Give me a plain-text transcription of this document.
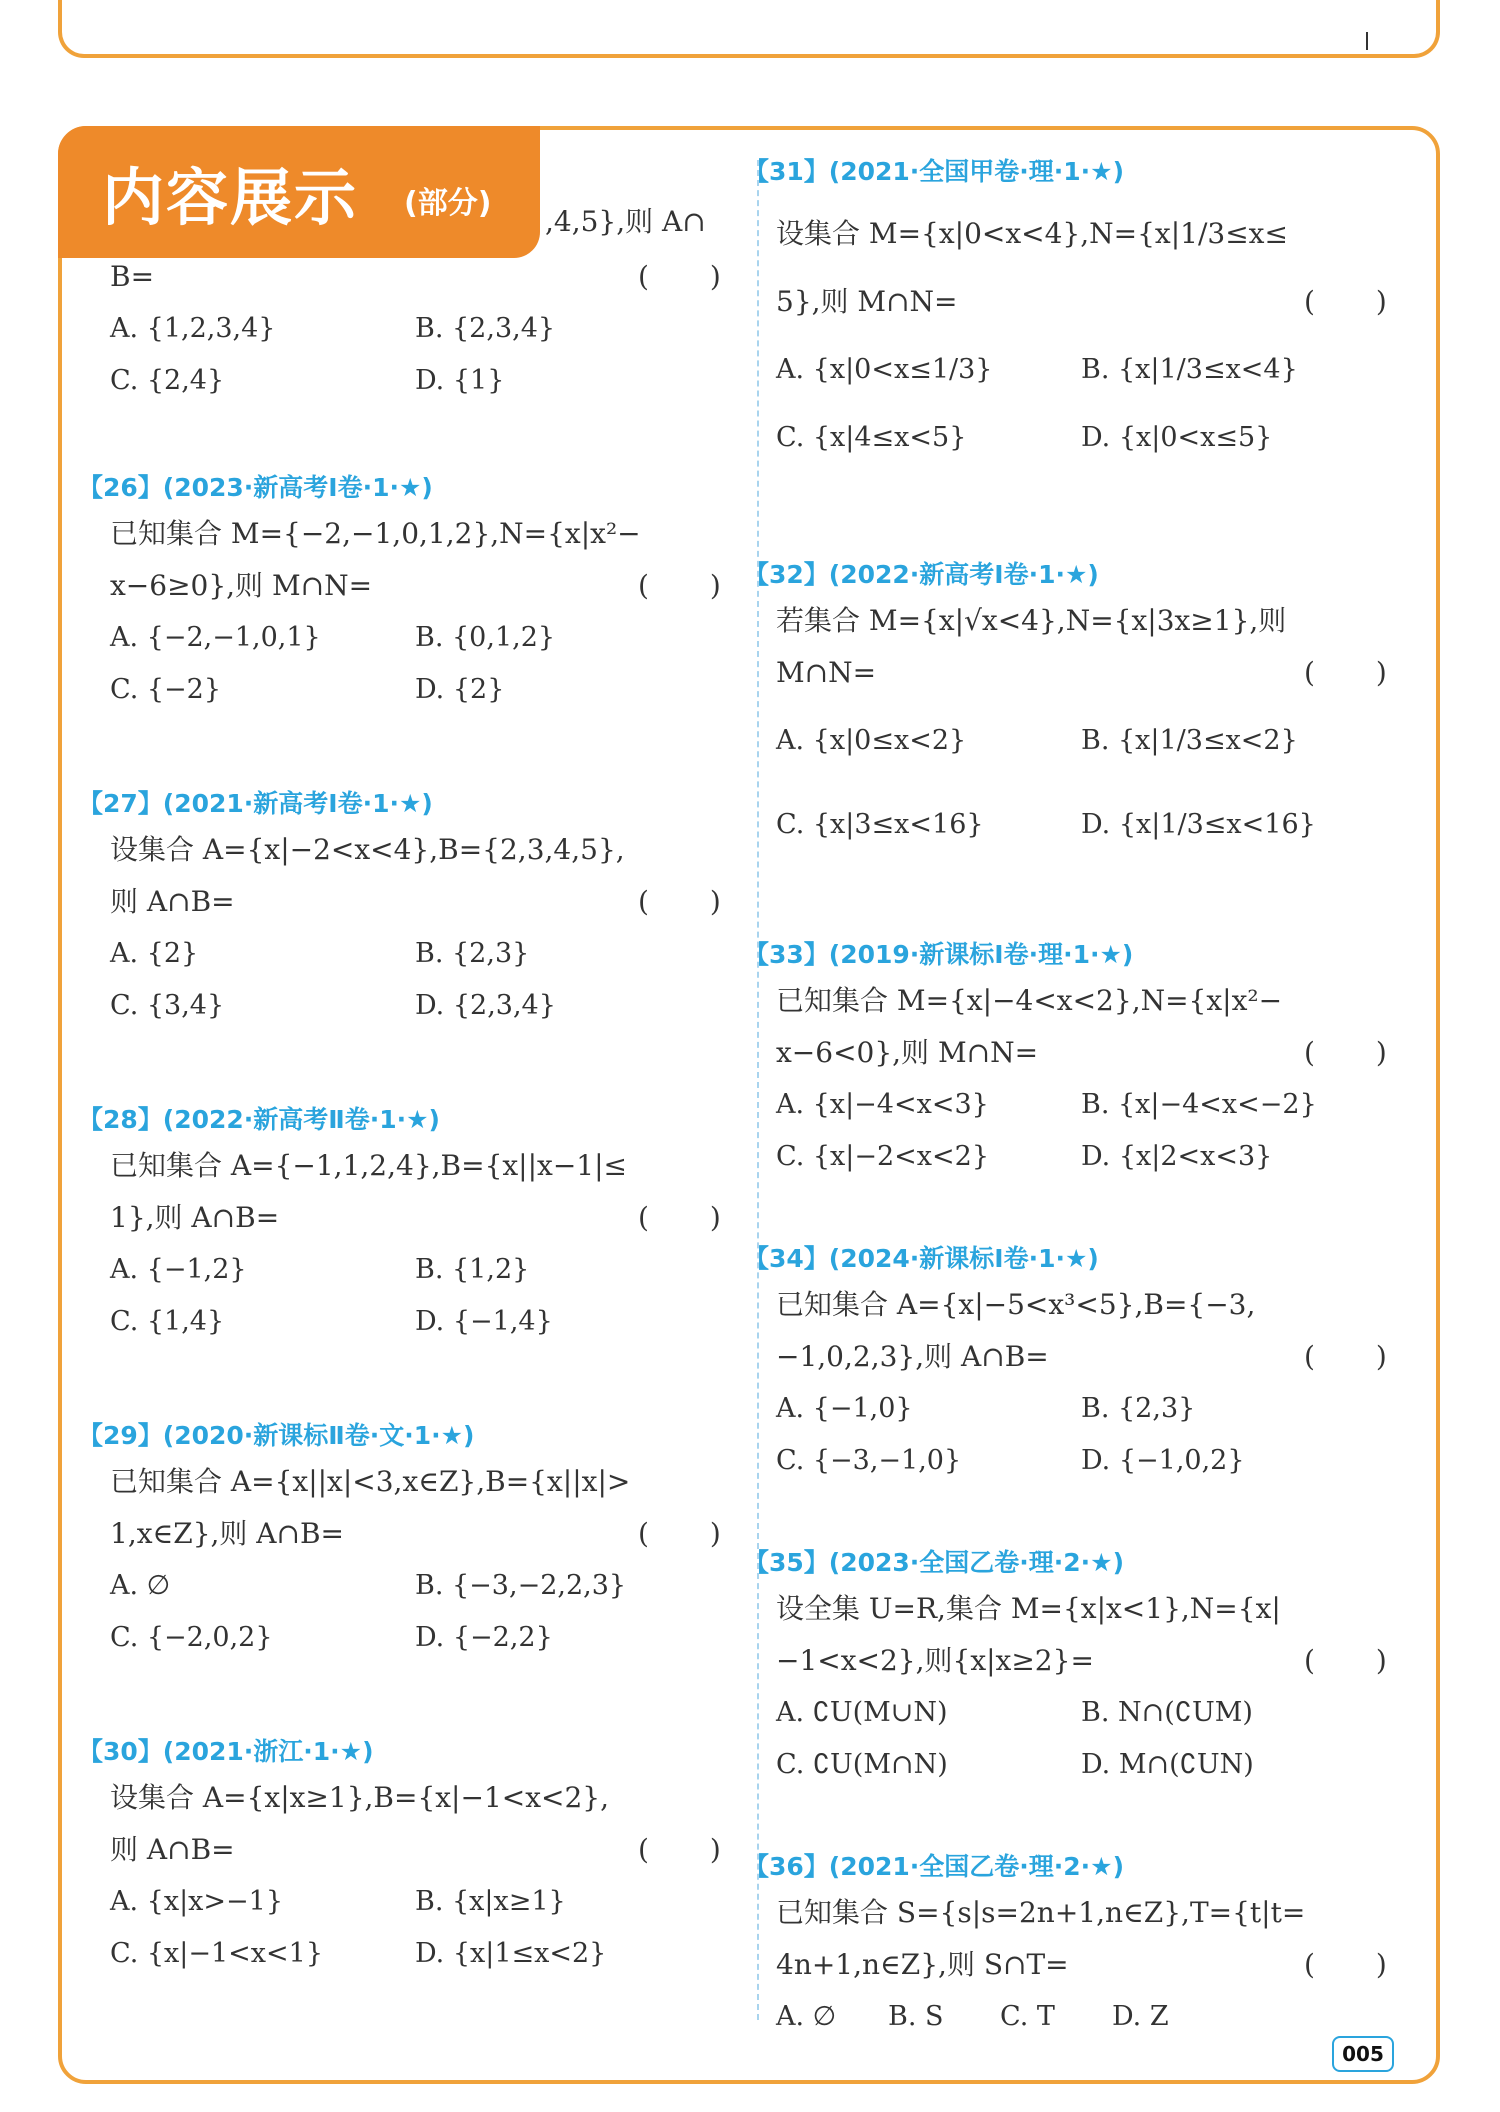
内容展示 (部分)
,4,5},则 A∩
B=	( )
A. {1,2,3,4}	B. {2,3,4}
C. {2,4}	D. {1}
【26】(2023·新高考Ⅰ卷·1·★)
已知集合 M={−2,−1,0,1,2},N={x|x²−
x−6≥0},则 M∩N=	( )
A. {−2,−1,0,1}	B. {0,1,2}
C. {−2}	D. {2}
【27】(2021·新高考Ⅰ卷·1·★)
设集合 A={x|−2<x<4},B={2,3,4,5},
则 A∩B=	( )
A. {2}	B. {2,3}
C. {3,4}	D. {2,3,4}
【28】(2022·新高考Ⅱ卷·1·★)
已知集合 A={−1,1,2,4},B={x||x−1|≤
1},则 A∩B=	( )
A. {−1,2}	B. {1,2}
C. {1,4}	D. {−1,4}
【29】(2020·新课标Ⅱ卷·文·1·★)
已知集合 A={x||x|<3,x∈Z},B={x||x|>
1,x∈Z},则 A∩B=	( )
A. ∅	B. {−3,−2,2,3}
C. {−2,0,2}	D. {−2,2}
【30】(2021·浙江·1·★)
设集合 A={x|x≥1},B={x|−1<x<2},
则 A∩B=	( )
A. {x|x>−1}	B. {x|x≥1}
C. {x|−1<x<1}	D. {x|1≤x<2}
【31】(2021·全国甲卷·理·1·★)
设集合 M={x|0<x<4},N={x|1/3≤x≤
5},则 M∩N=	( )
A. {x|0<x≤1/3}	B. {x|1/3≤x<4}
C. {x|4≤x<5}	D. {x|0<x≤5}
【32】(2022·新高考Ⅰ卷·1·★)
若集合 M={x|√x<4},N={x|3x≥1},则
M∩N=	( )
A. {x|0≤x<2}	B. {x|1/3≤x<2}
C. {x|3≤x<16}	D. {x|1/3≤x<16}
【33】(2019·新课标Ⅰ卷·理·1·★)
已知集合 M={x|−4<x<2},N={x|x²−
x−6<0},则 M∩N=	( )
A. {x|−4<x<3}	B. {x|−4<x<−2}
C. {x|−2<x<2}	D. {x|2<x<3}
【34】(2024·新课标Ⅰ卷·1·★)
已知集合 A={x|−5<x³<5},B={−3,
−1,0,2,3},则 A∩B=	( )
A. {−1,0}	B. {2,3}
C. {−3,−1,0}	D. {−1,0,2}
【35】(2023·全国乙卷·理·2·★)
设全集 U=R,集合 M={x|x<1},N={x|
−1<x<2},则{x|x≥2}=	( )
A. ∁U(M∪N)	B. N∩(∁UM)
C. ∁U(M∩N)	D. M∩(∁UN)
【36】(2021·全国乙卷·理·2·★)
已知集合 S={s|s=2n+1,n∈Z},T={t|t=
4n+1,n∈Z},则 S∩T=	( )
A. ∅ B. S C. T D. Z
005
